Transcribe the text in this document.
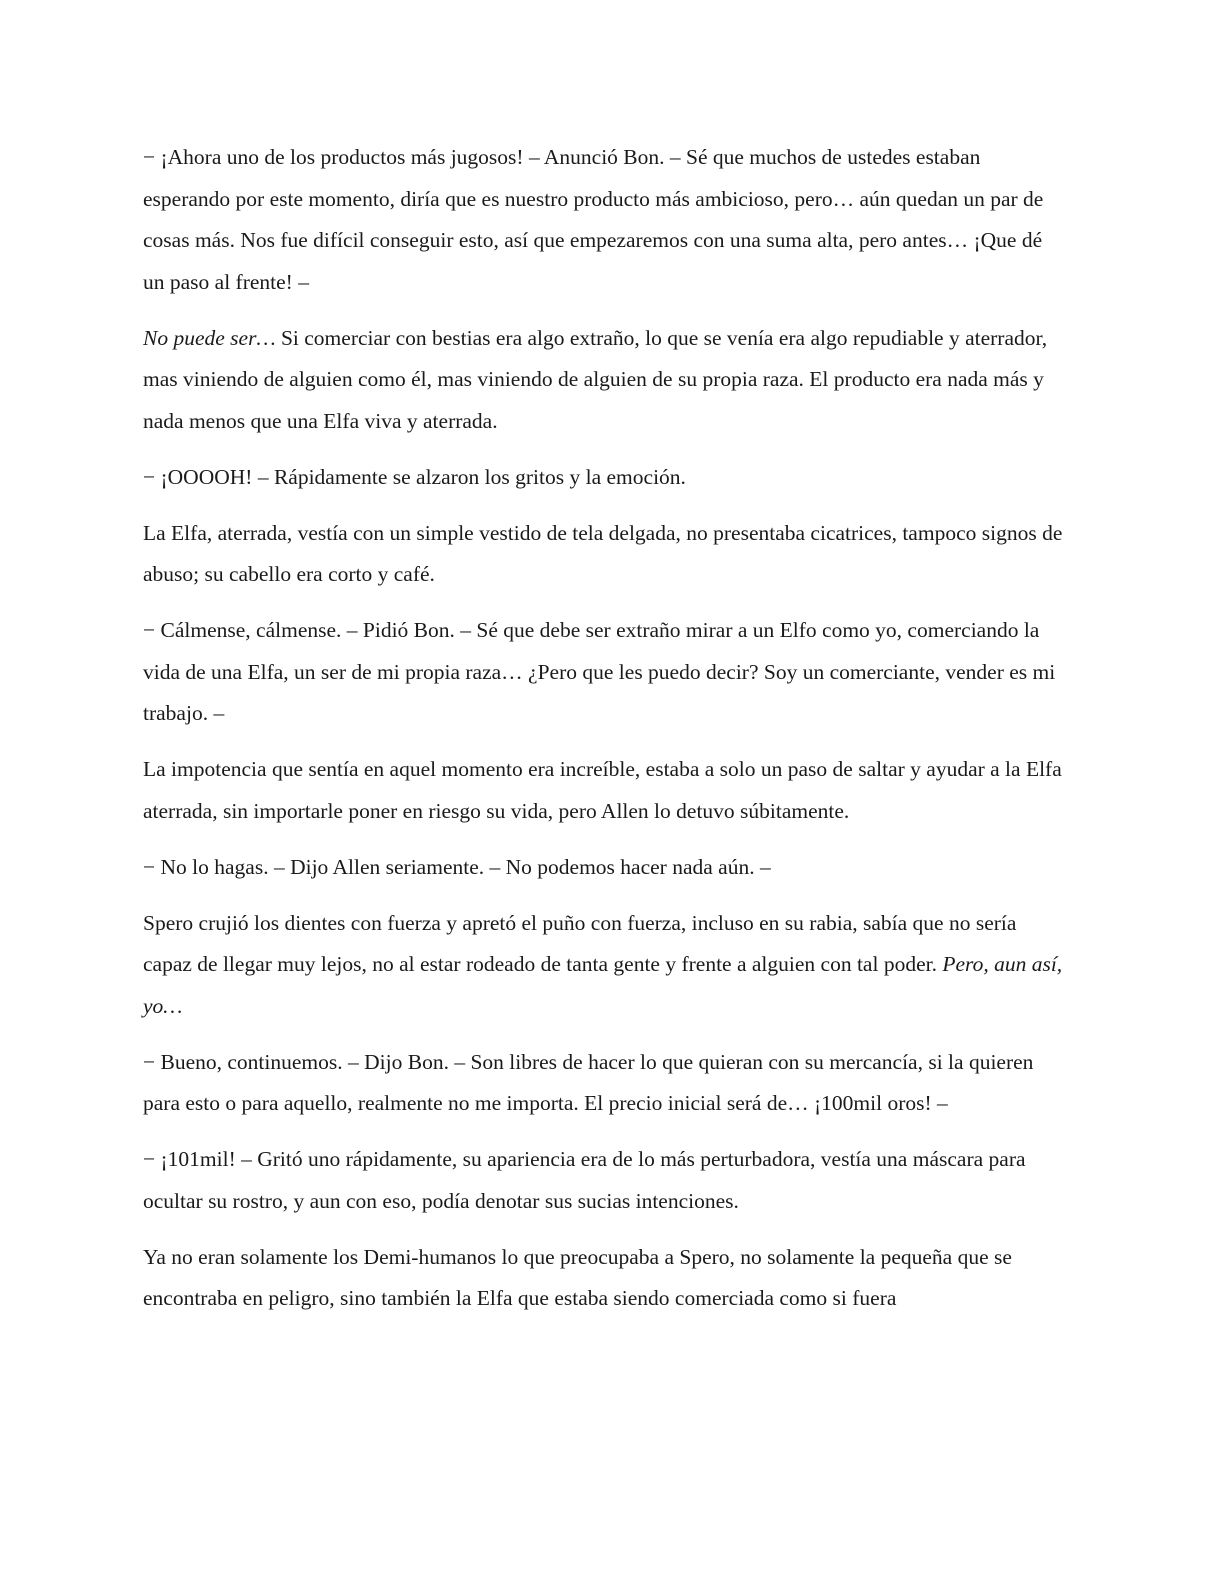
− ¡Ahora uno de los productos más jugosos! – Anunció Bon. – Sé que muchos de ustedes estaban esperando por este momento, diría que es nuestro producto más ambicioso, pero… aún quedan un par de cosas más. Nos fue difícil conseguir esto, así que empezaremos con una suma alta, pero antes… ¡Que dé un paso al frente! –

No puede ser… Si comerciar con bestias era algo extraño, lo que se venía era algo repudiable y aterrador, mas viniendo de alguien como él, mas viniendo de alguien de su propia raza. El producto era nada más y nada menos que una Elfa viva y aterrada.

− ¡OOOOH! – Rápidamente se alzaron los gritos y la emoción.

La Elfa, aterrada, vestía con un simple vestido de tela delgada, no presentaba cicatrices, tampoco signos de abuso; su cabello era corto y café.

− Cálmense, cálmense. – Pidió Bon. – Sé que debe ser extraño mirar a un Elfo como yo, comerciando la vida de una Elfa, un ser de mi propia raza… ¿Pero que les puedo decir? Soy un comerciante, vender es mi trabajo. –

La impotencia que sentía en aquel momento era increíble, estaba a solo un paso de saltar y ayudar a la Elfa aterrada, sin importarle poner en riesgo su vida, pero Allen lo detuvo súbitamente.

− No lo hagas. – Dijo Allen seriamente. – No podemos hacer nada aún. –

Spero crujió los dientes con fuerza y apretó el puño con fuerza, incluso en su rabia, sabía que no sería capaz de llegar muy lejos, no al estar rodeado de tanta gente y frente a alguien con tal poder. Pero, aun así, yo…

− Bueno, continuemos. – Dijo Bon. – Son libres de hacer lo que quieran con su mercancía, si la quieren para esto o para aquello, realmente no me importa. El precio inicial será de… ¡100mil oros! –

− ¡101mil! – Gritó uno rápidamente, su apariencia era de lo más perturbadora, vestía una máscara para ocultar su rostro, y aun con eso, podía denotar sus sucias intenciones.

Ya no eran solamente los Demi-humanos lo que preocupaba a Spero, no solamente la pequeña que se encontraba en peligro, sino también la Elfa que estaba siendo comerciada como si fuera
